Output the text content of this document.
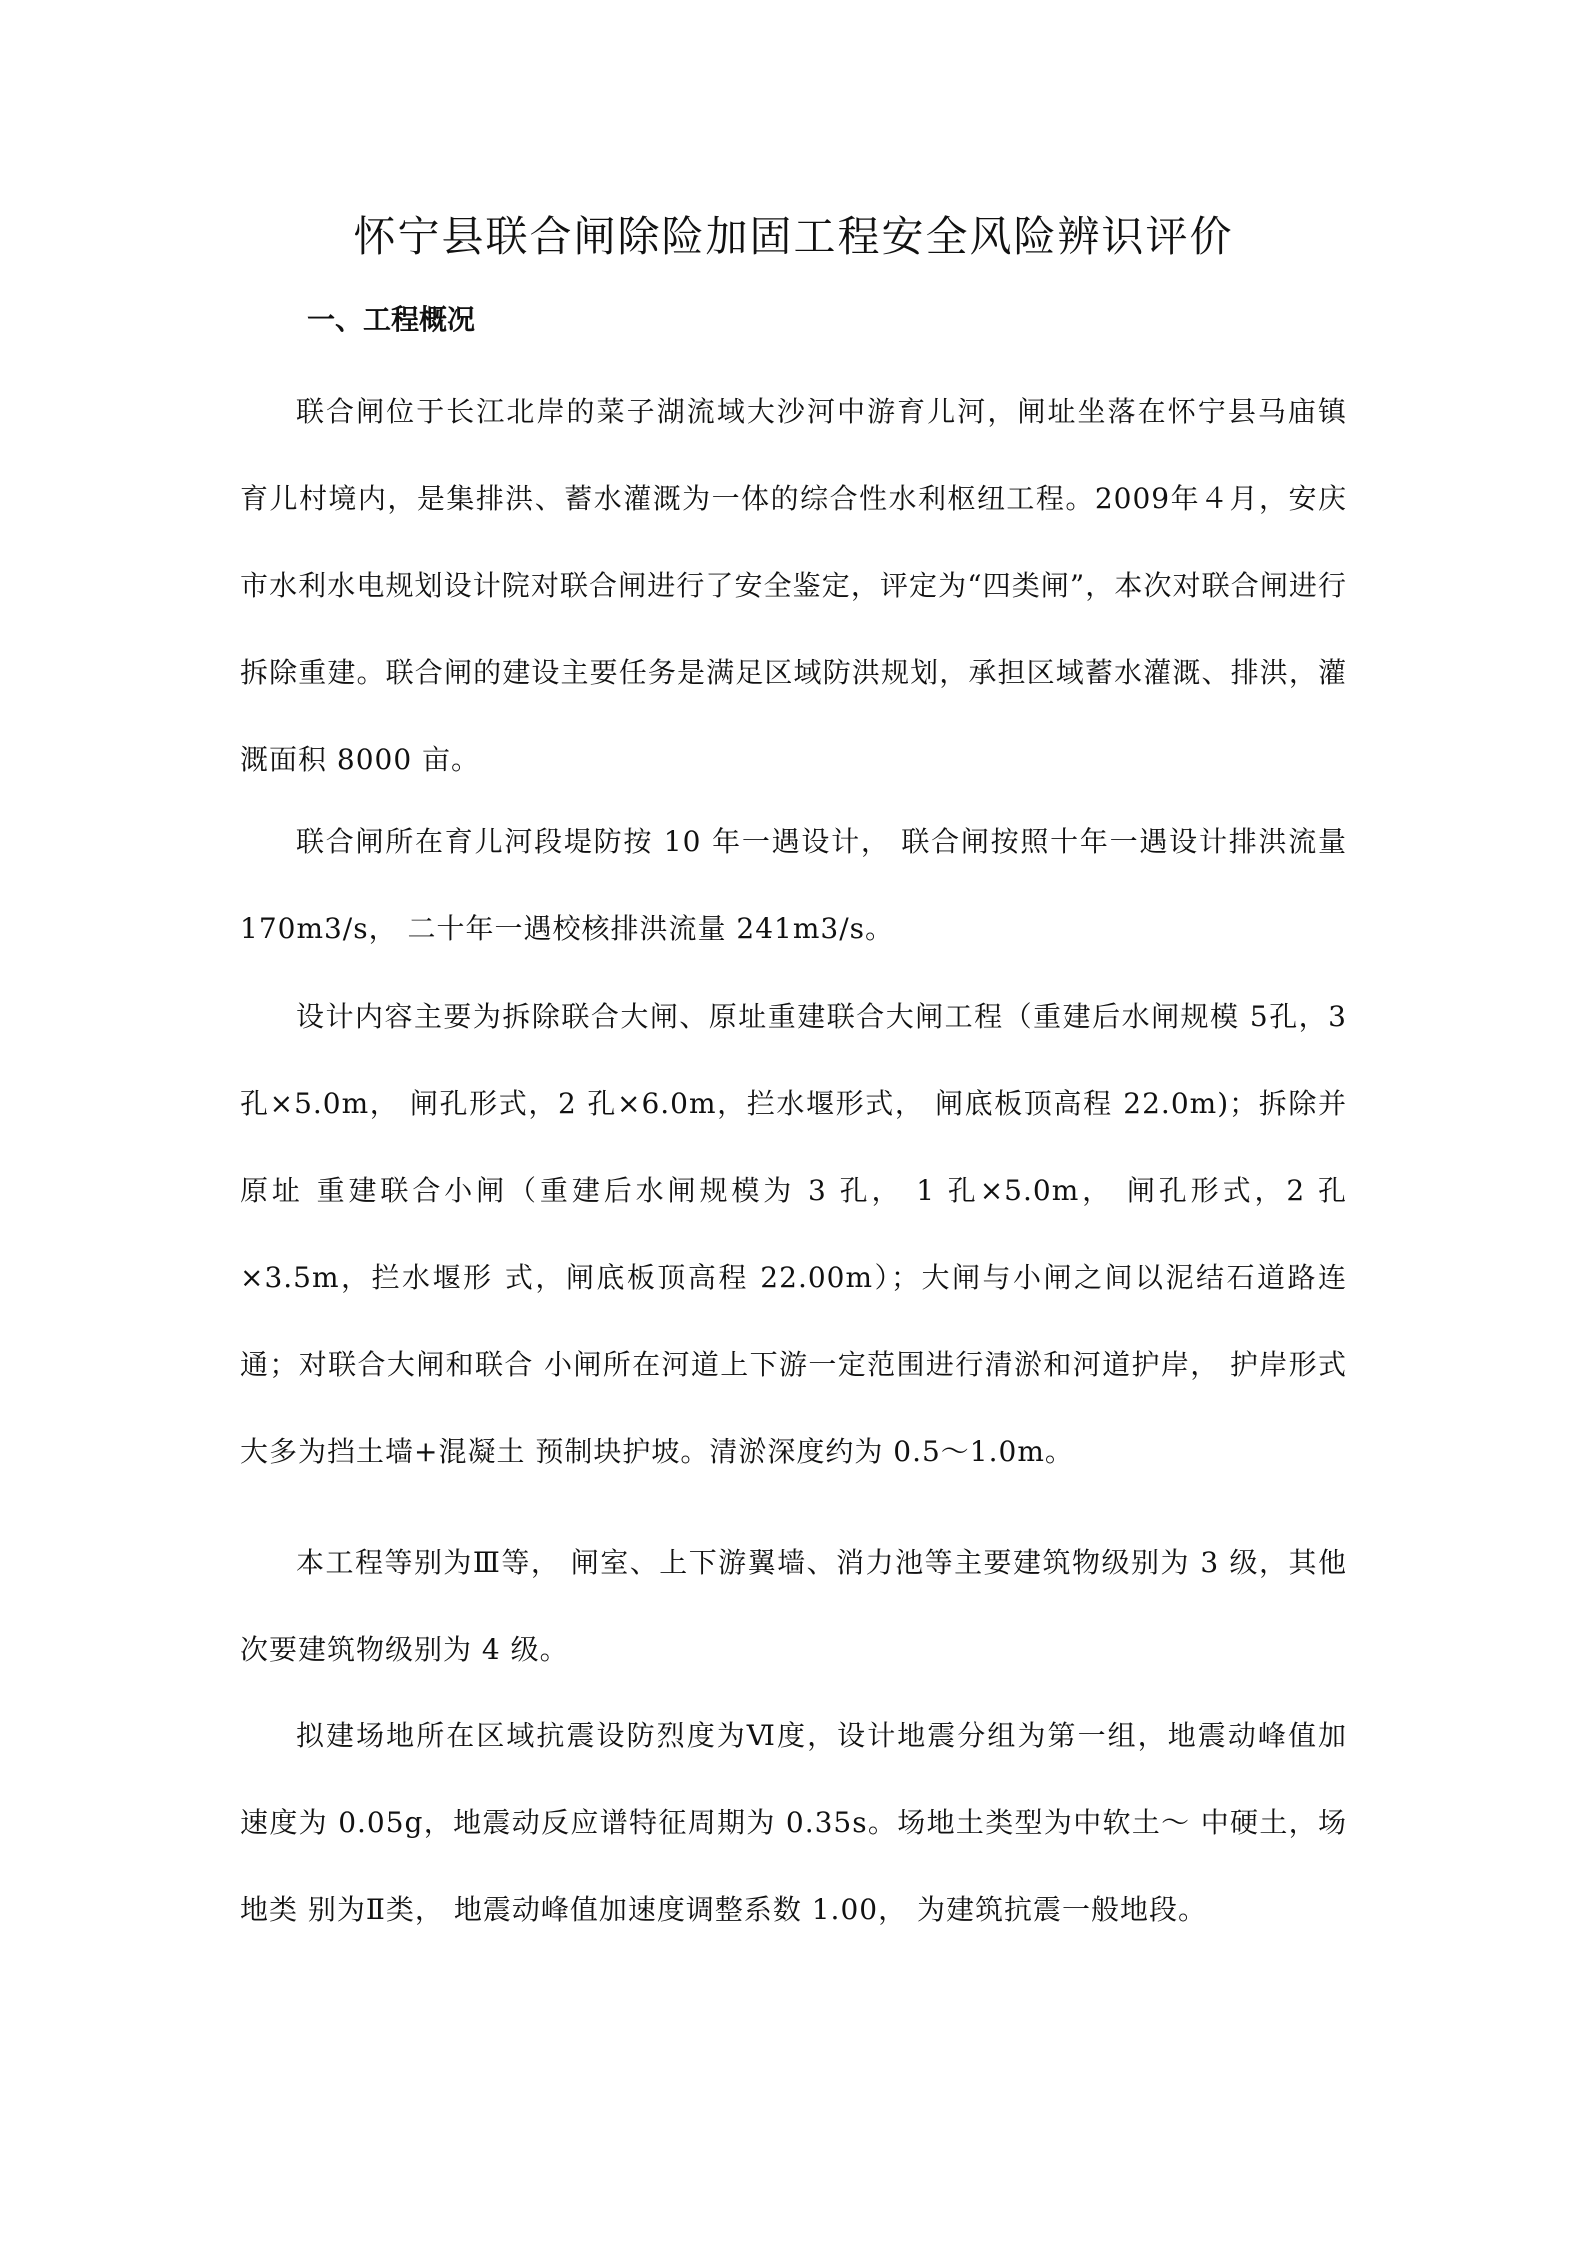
怀宁县联合闸除险加固工程安全风险辨识评价
一、工程概况

联合闸位于长江北岸的菜子湖流域大沙河中游育儿河，闸址坐落在怀宁县马庙镇　育儿村境内，是集排洪、蓄水灌溉为一体的综合性水利枢纽工程。2009年４月，安庆市水利水电规划设计院对联合闸进行了安全鉴定，评定为“四类闸”，本次对联合闸进行拆除重建。联合闸的建设主要任务是满足区域防洪规划，承担区域蓄水灌溉、排洪，灌溉面积 8000 亩。

联合闸所在育儿河段堤防按 10 年一遇设计， 联合闸按照十年一遇设计排洪流量 170m3/s， 二十年一遇校核排洪流量 241m3/s。

设计内容主要为拆除联合大闸、原址重建联合大闸工程（重建后水闸规模 5孔，3 孔×5.0m， 闸孔形式，2 孔×6.0m，拦水堰形式， 闸底板顶高程 22.0m)；拆除并原址 重建联合小闸（重建后水闸规模为 3 孔， 1 孔×5.0m， 闸孔形式，2 孔×3.5m，拦水堰形 式，闸底板顶高程 22.00m）；大闸与小闸之间以泥结石道路连通；对联合大闸和联合 小闸所在河道上下游一定范围进行清淤和河道护岸， 护岸形式大多为挡土墙+混凝土 预制块护坡。清淤深度约为 0.5～1.0m。

本工程等别为Ⅲ等， 闸室、上下游翼墙、消力池等主要建筑物级别为 3 级，其他 次要建筑物级别为 4 级。

拟建场地所在区域抗震设防烈度为Ⅵ度，设计地震分组为第一组，地震动峰值加 速度为 0.05g，地震动反应谱特征周期为 0.35s。场地土类型为中软土～ 中硬土，场地类 别为Ⅱ类， 地震动峰值加速度调整系数 1.00， 为建筑抗震一般地段。
